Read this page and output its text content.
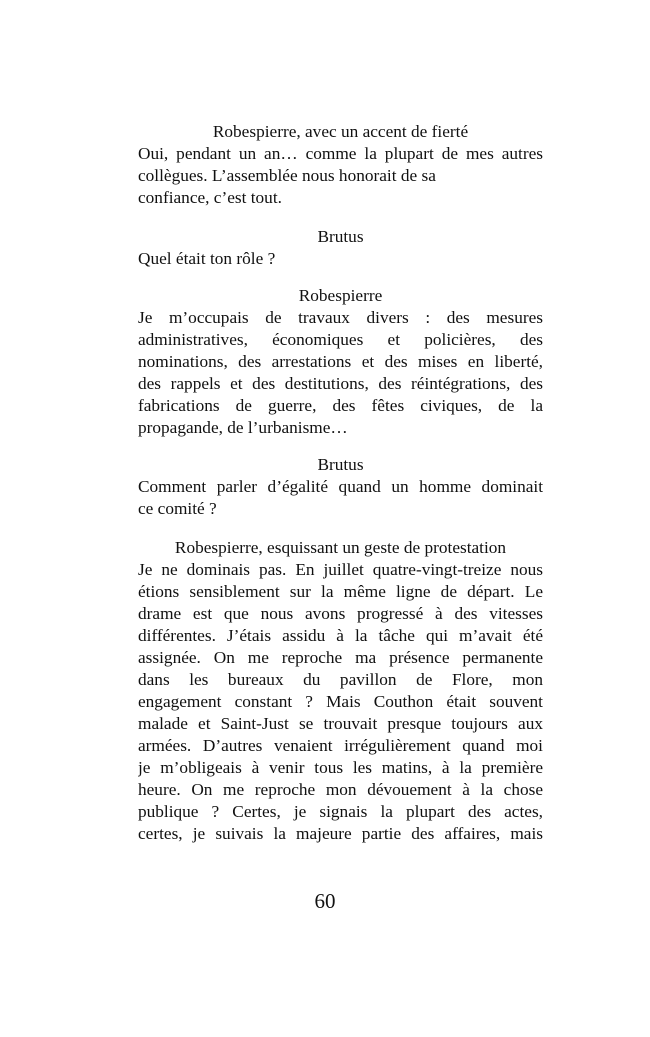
Robespierre, avec un accent de fierté
Oui, pendant un an… comme la plupart de mes autres
collègues. L’assemblée nous honorait de sa
confiance, c’est tout.
Brutus
Quel était ton rôle ?
Robespierre
Je m’occupais de travaux divers : des mesures
administratives, économiques et policières, des
nominations, des arrestations et des mises en liberté,
des rappels et des destitutions, des réintégrations, des
fabrications de guerre, des fêtes civiques, de la
propagande, de l’urbanisme…
Brutus
Comment parler d’égalité quand un homme dominait
ce comité ?
Robespierre, esquissant un geste de protestation
Je ne dominais pas. En juillet quatre-vingt-treize nous
étions sensiblement sur la même ligne de départ. Le
drame est que nous avons progressé à des vitesses
différentes. J’étais assidu à la tâche qui m’avait été
assignée. On me reproche ma présence permanente
dans les bureaux du pavillon de Flore, mon
engagement constant ? Mais Couthon était souvent
malade et Saint-Just se trouvait presque toujours aux
armées. D’autres venaient irrégulièrement quand moi
je m’obligeais à venir tous les matins, à la première
heure. On me reproche mon dévouement à la chose
publique ? Certes, je signais la plupart des actes,
certes, je suivais la majeure partie des affaires, mais
60
